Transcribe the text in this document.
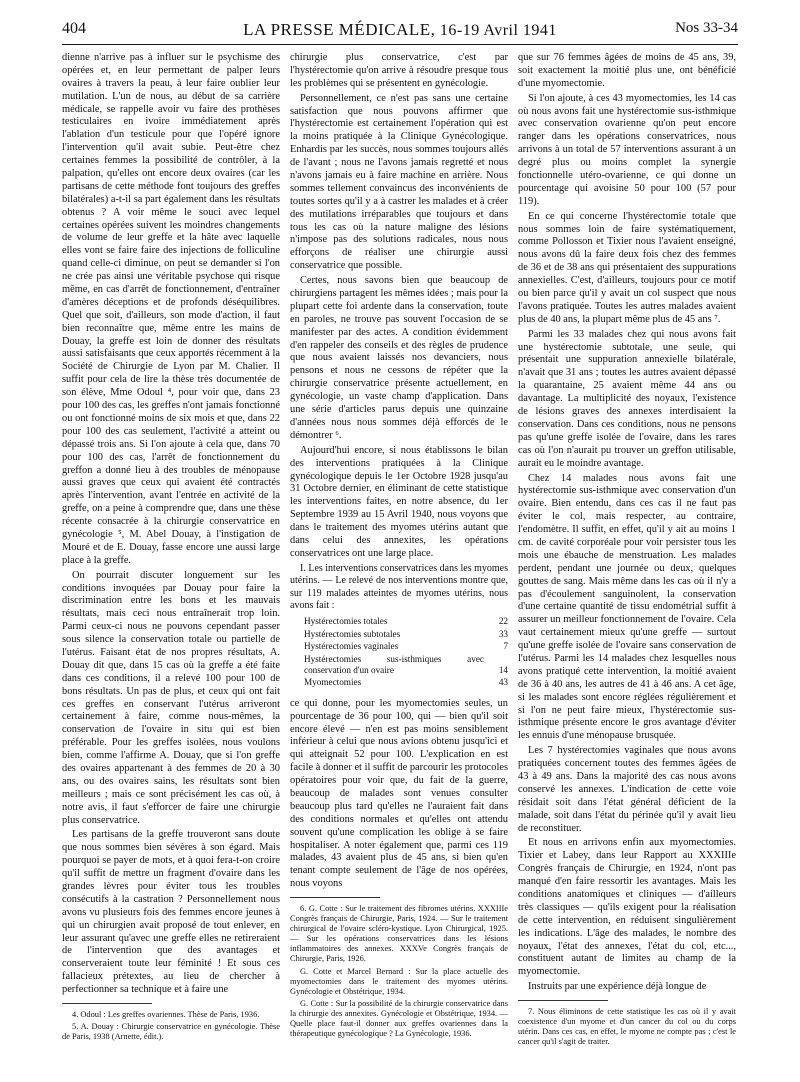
404	LA PRESSE MÉDICALE, 16-19 Avril 1941	Nos 33-34

dienne n'arrive pas à influer sur le psychisme des opérées et, en leur permettant de palper leurs ovaires à travers la peau, à leur faire oublier leur mutilation. L'un de nous, au début de sa carrière médicale, se rappelle avoir vu faire des prothèses testiculaires en ivoire immédiatement après l'ablation d'un testicule pour que l'opéré ignore l'intervention qu'il avait subie. Peut-être chez certaines femmes la possibilité de contrôler, à la palpation, qu'elles ont encore deux ovaires (car les partisans de cette méthode font toujours des greffes bilatérales) a-t-il sa part également dans les résultats obtenus ? A voir même le souci avec lequel certaines opérées suivent les moindres changements de volume de leur greffe et la hâte avec laquelle elles vont se faire faire des injections de folliculine quand celle-ci diminue, on peut se demander si l'on ne crée pas ainsi une véritable psychose qui risque même, en cas d'arrêt de fonctionnement, d'entraîner d'amères déceptions et de profonds déséquilibres. Quel que soit, d'ailleurs, son mode d'action, il faut bien reconnaître que, même entre les mains de Douay, la greffe est loin de donner des résultats aussi satisfaisants que ceux apportés récemment à la Société de Chirurgie de Lyon par M. Chalier. Il suffit pour cela de lire la thèse très documentée de son élève, Mme Odoul ⁴, pour voir que, dans 23 pour 100 des cas, les greffes n'ont jamais fonctionné ou ont fonctionné moins de six mois et que, dans 22 pour 100 des cas seulement, l'activité a atteint ou dépassé trois ans. Si l'on ajoute à cela que, dans 70 pour 100 des cas, l'arrêt de fonctionnement du greffon a donné lieu à des troubles de ménopause aussi graves que ceux qui avaient été contractés après l'intervention, avant l'entrée en activité de la greffe, on a peine à comprendre que, dans une thèse récente consacrée à la chirurgie conservatrice en gynécologie ⁵, M. Abel Douay, à l'instigation de Mouré et de E. Douay, fasse encore une aussi large place à la greffe.

On pourrait discuter longuement sur les conditions invoquées par Douay pour faire la discrimination entre les bons et les mauvais résultats, mais ceci nous entraînerait trop loin. Parmi ceux-ci nous ne pouvons cependant passer sous silence la conservation totale ou partielle de l'utérus. Faisant état de nos propres résultats, A. Douay dit que, dans 15 cas où la greffe a été faite dans ces conditions, il a relevé 100 pour 100 de bons résultats. Un pas de plus, et ceux qui ont fait ces greffes en conservant l'utérus arriveront certainement à faire, comme nous-mêmes, la conservation de l'ovaire in situ qui est bien préférable. Pour les greffes isolées, nous voulons bien, comme l'affirme A. Douay, que si l'on greffe des ovaires appartenant à des femmes de 20 à 30 ans, ou des ovaires sains, les résultats sont bien meilleurs ; mais ce sont précisément les cas où, à notre avis, il faut s'efforcer de faire une chirurgie plus conservatrice.

Les partisans de la greffe trouveront sans doute que nous sommes bien sévères à son égard. Mais pourquoi se payer de mots, et à quoi fera-t-on croire qu'il suffit de mettre un fragment d'ovaire dans les grandes lèvres pour éviter tous les troubles consécutifs à la castration ? Personnellement nous avons vu plusieurs fois des femmes encore jeunes à qui un chirurgien avait proposé de tout enlever, en leur assurant qu'avec une greffe elles ne retireraient de l'intervention que des avantages et conserveraient toute leur féminité ! Et sous ces fallacieux prétextes, au lieu de chercher à perfectionner sa technique et à faire une

4. Odoul : Les greffes ovariennes. Thèse de Paris, 1936.

5. A. Douay : Chirurgie conservatrice en gynécologie. Thèse de Paris, 1938 (Arnette, édit.).

chirurgie plus conservatrice, c'est par l'hystérectomie qu'on arrive à résoudre presque tous les problèmes qui se présentent en gynécologie.

Personnellement, ce n'est pas sans une certaine satisfaction que nous pouvons affirmer que l'hystérectomie est certainement l'opération qui est la moins pratiquée à la Clinique Gynécologique. Enhardis par les succès, nous sommes toujours allés de l'avant ; nous ne l'avons jamais regretté et nous n'avons jamais eu à faire machine en arrière. Nous sommes tellement convaincus des inconvénients de toutes sortes qu'il y a à castrer les malades et à créer des mutilations irréparables que toujours et dans tous les cas où la nature maligne des lésions n'impose pas des solutions radicales, nous nous efforçons de réaliser une chirurgie aussi conservatrice que possible.

Certes, nous savons bien que beaucoup de chirurgiens partagent les mêmes idées ; mais pour la plupart cette foi ardente dans la conservation, toute en paroles, ne trouve pas souvent l'occasion de se manifester par des actes. A condition évidemment d'en rappeler des conseils et des règles de prudence que nous avaient laissés nos devanciers, nous pensons et nous ne cessons de répéter que la chirurgie conservatrice présente actuellement, en gynécologie, un vaste champ d'application. Dans une série d'articles parus depuis une quinzaine d'années nous nous sommes déjà efforcés de le démontrer ⁶.

Aujourd'hui encore, si nous établissons le bilan des interventions pratiquées à la Clinique gynécologique depuis le 1er Octobre 1928 jusqu'au 31 Octobre dernier, en éliminant de cette statistique les interventions faites, en notre absence, du 1er Septembre 1939 au 15 Avril 1940, nous voyons que dans le traitement des myomes utérins autant que dans celui des annexites, les opérations conservatrices ont une large place.

I. Les interventions conservatrices dans les myomes utérins. — Le relevé de nos interventions montre que, sur 119 malades atteintes de myomes utérins, nous avons fait :

Hystérectomies totales	22
Hystérectomies subtotales	33
Hystérectomies vaginales	7
Hystérectomies sus-isthmiques avec conservation d'un ovaire	14
Myomectomies	43

ce qui donne, pour les myomectomies seules, un pourcentage de 36 pour 100, qui — bien qu'il soit encore élevé — n'en est pas moins sensiblement inférieur à celui que nous avions obtenu jusqu'ici et qui atteignait 52 pour 100. L'explication en est facile à donner et il suffit de parcourir les protocoles opératoires pour voir que, du fait de la guerre, beaucoup de malades sont venues consulter beaucoup plus tard qu'elles ne l'auraient fait dans des conditions normales et qu'elles ont attendu souvent qu'une complication les oblige à se faire hospitaliser. A noter également que, parmi ces 119 malades, 43 avaient plus de 45 ans, si bien qu'en tenant compte seulement de l'âge de nos opérées, nous voyons

6. G. Cotte : Sur le traitement des fibromes utérins. XXXIIIe Congrès français de Chirurgie, Paris, 1924. — Sur le traitement chirurgical de l'ovaire scléro-kystique. Lyon Chirurgical, 1925. — Sur les opérations conservatrices dans les lésions inflammatoires des annexes. XXXVe Congrès français de Chirurgie, Paris, 1926.

G. Cotte et Marcel Bernard : Sur la place actuelle des myomectomies dans le traitement des myomes utérins. Gynécologie et Obstétrique, 1934.

G. Cotte : Sur la possibilité de la chirurgie conservatrice dans la chirurgie des annexites. Gynécologie et Obstétrique, 1934. — Quelle place faut-il donner aux greffes ovariennes dans la thérapeutique gynécologique ? La Gynécologie, 1936.

que sur 76 femmes âgées de moins de 45 ans, 39, soit exactement la moitié plus une, ont bénéficié d'une myomectomie.

Si l'on ajoute, à ces 43 myomectomies, les 14 cas où nous avons fait une hystérectomie sus-isthmique avec conservation ovarienne qu'on peut encore ranger dans les opérations conservatrices, nous arrivons à un total de 57 interventions assurant à un degré plus ou moins complet la synergie fonctionnelle utéro-ovarienne, ce qui donne un pourcentage qui avoisine 50 pour 100 (57 pour 119).

En ce qui concerne l'hystérectomie totale que nous sommes loin de faire systématiquement, comme Pollosson et Tixier nous l'avaient enseigné, nous avons dû la faire deux fois chez des femmes de 36 et de 38 ans qui présentaient des suppurations annexielles. C'est, d'ailleurs, toujours pour ce motif ou bien parce qu'il y avait un col suspect que nous l'avons pratiquée. Toutes les autres malades avaient plus de 40 ans, la plupart même plus de 45 ans ⁷.

Parmi les 33 malades chez qui nous avons fait une hystérectomie subtotale, une seule, qui présentait une suppuration annexielle bilatérale, n'avait que 31 ans ; toutes les autres avaient dépassé la quarantaine, 25 avaient même 44 ans ou davantage. La multiplicité des noyaux, l'existence de lésions graves des annexes interdisaient la conservation. Dans ces conditions, nous ne pensons pas qu'une greffe isolée de l'ovaire, dans les rares cas où l'on n'aurait pu trouver un greffon utilisable, aurait eu le moindre avantage.

Chez 14 malades nous avons fait une hystérectomie sus-isthmique avec conservation d'un ovaire. Bien entendu, dans ces cas il ne faut pas éviter le col, mais respecter, au contraire, l'endomètre. Il suffit, en effet, qu'il y ait au moins 1 cm. de cavité corporéale pour voir persister tous les mois une ébauche de menstruation. Les malades perdent, pendant une journée ou deux, quelques gouttes de sang. Mais même dans les cas où il n'y a pas d'écoulement sanguinolent, la conservation d'une certaine quantité de tissu endométrial suffit à assurer un meilleur fonctionnement de l'ovaire. Cela vaut certainement mieux qu'une greffe — surtout qu'une greffe isolée de l'ovaire sans conservation de l'utérus. Parmi les 14 malades chez lesquelles nous avons pratiqué cette intervention, la moitié avaient de 36 à 40 ans, les autres de 41 à 46 ans. A cet âge, si les malades sont encore réglées régulièrement et si l'on ne peut faire mieux, l'hystérectomie sus-isthmique présente encore le gros avantage d'éviter les ennuis d'une ménopause brusquée.

Les 7 hystérectomies vaginales que nous avons pratiquées concernent toutes des femmes âgées de 43 à 49 ans. Dans la majorité des cas nous avons conservé les annexes. L'indication de cette voie résidait soit dans l'état général déficient de la malade, soit dans l'état du périnée qu'il y avait lieu de reconstituer.

Et nous en arrivons enfin aux myomectomies. Tixier et Labey, dans leur Rapport au XXXIIIe Congrès français de Chirurgie, en 1924, n'ont pas manqué d'en faire ressortir les avantages. Mais les conditions anatomiques et cliniques — d'ailleurs très classiques — qu'ils exigent pour la réalisation de cette intervention, en réduisent singulièrement les indications. L'âge des malades, le nombre des noyaux, l'état des annexes, l'état du col, etc..., constituent autant de limites au champ de la myomectomie.

Instruits par une expérience déjà longue de

7. Nous éliminons de cette statistique les cas où il y avait coexistence d'un myome et d'un cancer du col ou du corps utérin. Dans ces cas, en effet, le myome ne compte pas ; c'est le cancer qu'il s'agit de traiter.
